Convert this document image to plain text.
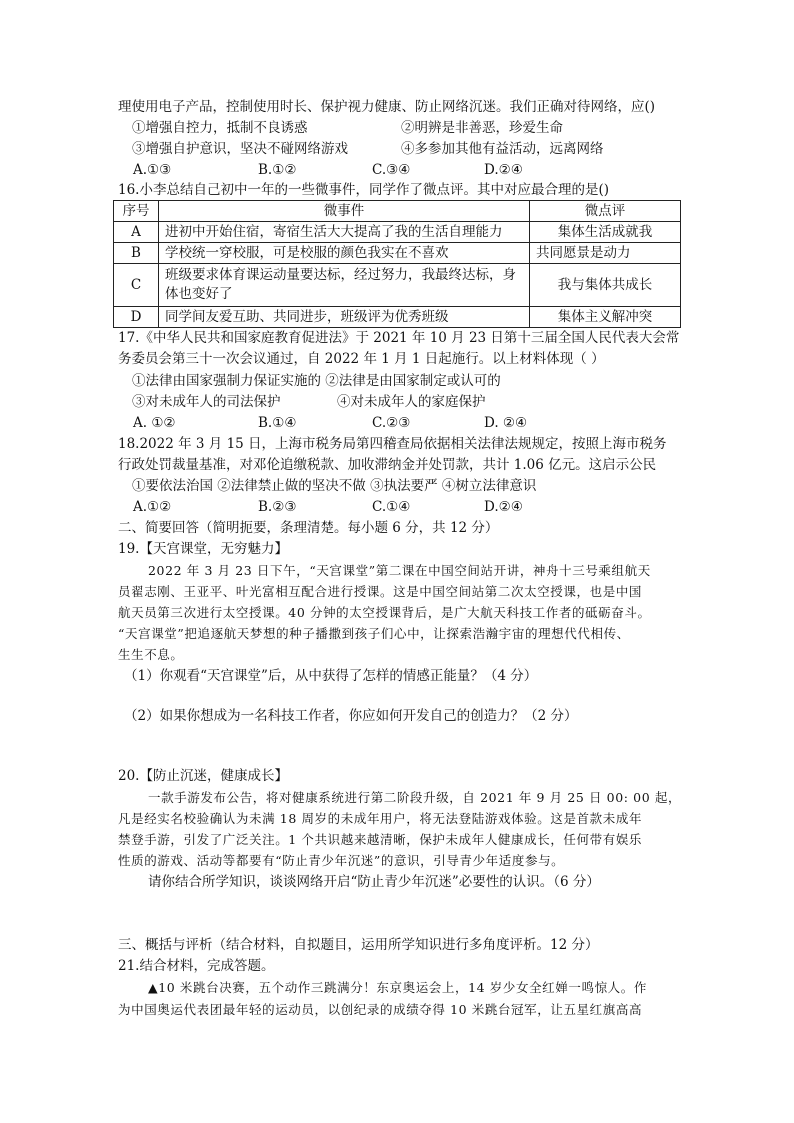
理使用电子产品，控制使用时长、保护视力健康、防止网络沉迷。我们正确对待网络，应()
①增强自控力，抵制不良诱惑	②明辨是非善恶，珍爱生命
③增强自护意识，坚决不碰网络游戏	④多参加其他有益活动，远离网络
A.①③	B.①②	C.③④	D.②④
16.小李总结自己初中一年的一些微事件，同学作了微点评。其中对应最合理的是()
序号	微事件	微点评
A	进初中开始住宿，寄宿生活大大提高了我的生活自理能力	集体生活成就我
B	学校统一穿校服，可是校服的颜色我实在不喜欢	共同愿景是动力
C	班级要求体育课运动量要达标，经过努力，我最终达标，身
体也变好了	我与集体共成长
D	同学间友爱互助、共同进步，班级评为优秀班级	集体主义解冲突
17.《中华人民共和国家庭教育促进法》于 2021 年 10 月 23 日第十三届全国人民代表大会常
务委员会第三十一次会议通过，自 2022 年 1 月 1 日起施行。以上材料体现（ ）
①法律由国家强制力保证实施的 ②法律是由国家制定或认可的
③对未成年人的司法保护	④对未成年人的家庭保护
A. ①②	B.①④	C.②③	D. ②④
18.2022 年 3 月 15 日，上海市税务局第四稽查局依据相关法律法规规定，按照上海市税务
行政处罚裁量基准，对邓伦追缴税款、加收滞纳金并处罚款，共计 1.06 亿元。这启示公民
①要依法治国 ②法律禁止做的坚决不做 ③执法要严 ④树立法律意识
A.①②	B.②③	C.①④	D.②④
二、简要回答（简明扼要，条理清楚。每小题 6 分，共 12 分）
19.【天宫课堂，无穷魅力】
2022 年 3 月 23 日下午，“天宫课堂”第二课在中国空间站开讲，神舟十三号乘组航天
员翟志刚、王亚平、叶光富相互配合进行授课。这是中国空间站第二次太空授课，也是中国
航天员第三次进行太空授课。40 分钟的太空授课背后，是广大航天科技工作者的砥砺奋斗。
“天宫课堂”把追逐航天梦想的种子播撒到孩子们心中，让探索浩瀚宇宙的理想代代相传、
生生不息。
（1）你观看“天宫课堂”后，从中获得了怎样的情感正能量？（4 分）
（2）如果你想成为一名科技工作者，你应如何开发自己的创造力？（2 分）
20.【防止沉迷，健康成长】
一款手游发布公告，将对健康系统进行第二阶段升级，自 2021 年 9 月 25 日 00: 00 起，
凡是经实名校验确认为未满 18 周岁的未成年用户，将无法登陆游戏体验。这是首款未成年
禁登手游，引发了广泛关注。1 个共识越来越清晰，保护未成年人健康成长，任何带有娱乐
性质的游戏、活动等都要有“防止青少年沉迷”的意识，引导青少年适度参与。
请你结合所学知识，谈谈网络开启“防止青少年沉迷”必要性的认识。（6 分）
三、概括与评析（结合材料，自拟题目，运用所学知识进行多角度评析。12 分）
21.结合材料，完成答题。
▲10 米跳台决赛，五个动作三跳满分！东京奥运会上，14 岁少女全红婵一鸣惊人。作
为中国奥运代表团最年轻的运动员，以创纪录的成绩夺得 10 米跳台冠军，让五星红旗高高
